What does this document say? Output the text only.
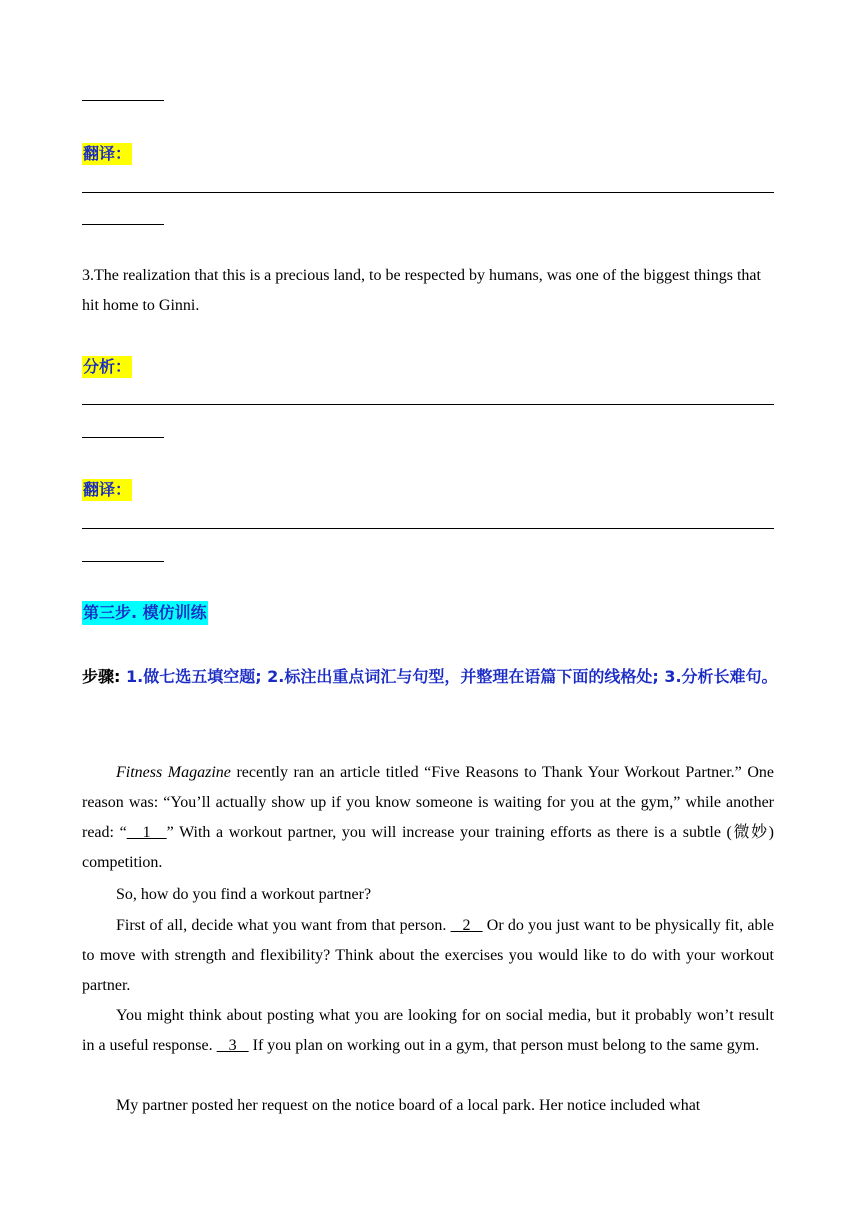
翻译：
3.The realization that this is a precious land, to be respected by humans, was one of the biggest things that hit home to Ginni.
分析：
翻译：
第三步. 模仿训练
步骤: 1.做七选五填空题; 2.标注出重点词汇与句型，并整理在语篇下面的线格处; 3.分析长难句。
Fitness Magazine recently ran an article titled “Five Reasons to Thank Your Workout Partner.” One reason was: “You’ll actually show up if you know someone is waiting for you at the gym,” while another read: “    1    ” With a workout partner, you will increase your training efforts as there is a subtle (微妙) competition.
So, how do you find a workout partner?
First of all, decide what you want from that person.    2    Or do you just want to be physically fit, able to move with strength and flexibility? Think about the exercises you would like to do with your workout partner.
You might think about posting what you are looking for on social media, but it probably won’t result in a useful response.    3    If you plan on working out in a gym, that person must belong to the same gym.
My partner posted her request on the notice board of a local park. Her notice included what
